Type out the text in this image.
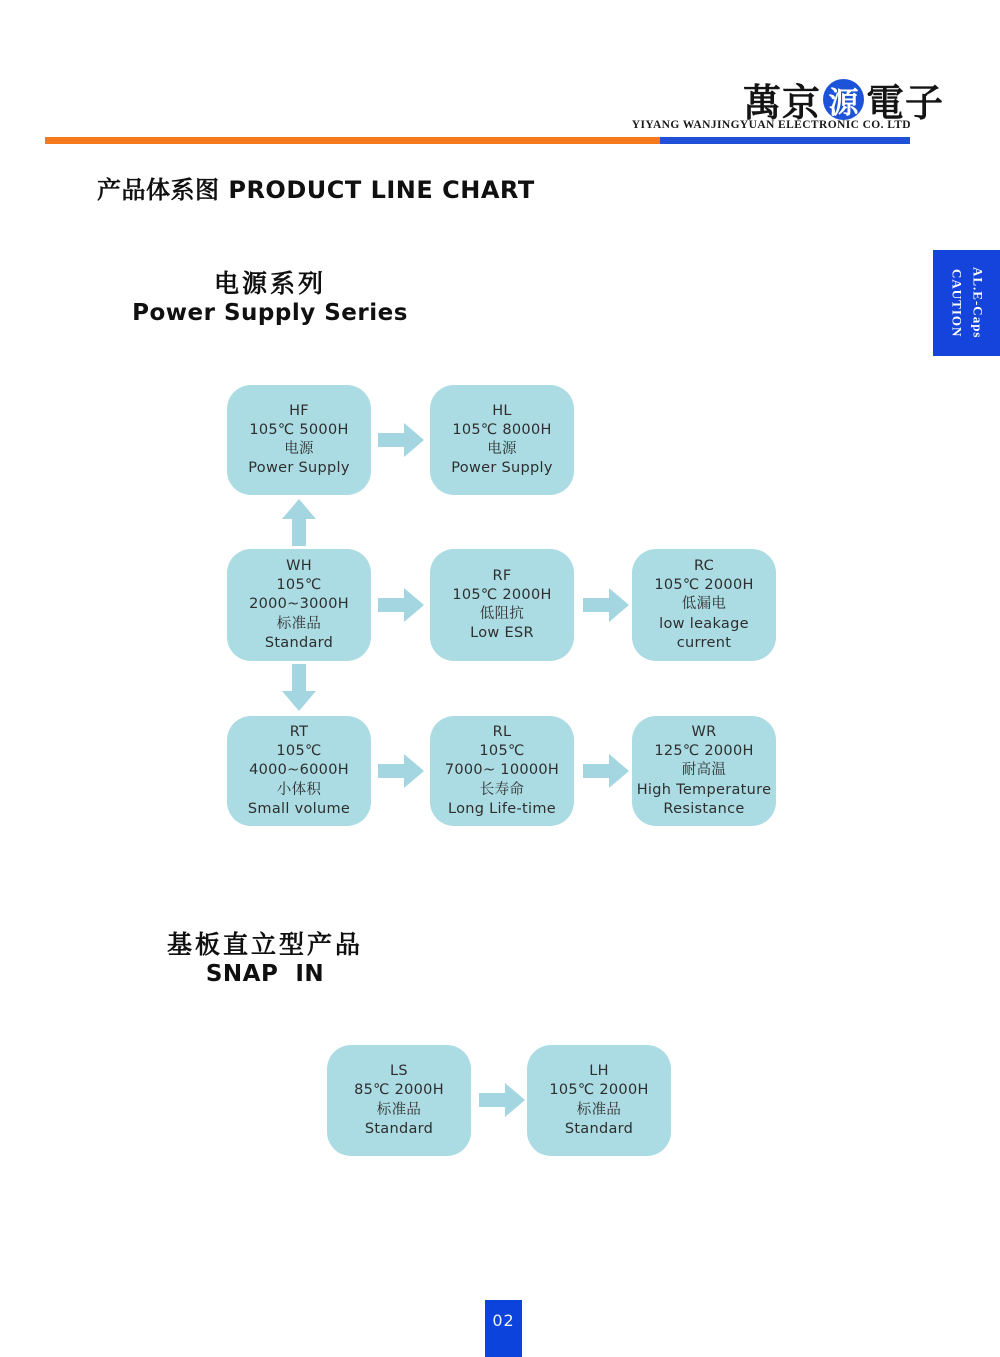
萬京 源 電子
YIYANG WANJINGYUAN ELECTRONIC CO. LTD
产品体系图 PRODUCT LINE CHART
CAUTION AL.E-Caps
电源系列
Power Supply Series
HF
105℃ 5000H
电源
Power Supply
HL
105℃ 8000H
电源
Power Supply
WH
105℃
2000~3000H
标准品
Standard
RF
105℃ 2000H
低阻抗
Low ESR
RC
105℃ 2000H
低漏电
low leakage
current
RT
105℃
4000~6000H
小体积
Small volume
RL
105℃
7000~ 10000H
长寿命
Long Life-time
WR
125℃ 2000H
耐高温
High Temperature
Resistance
基板直立型产品
SNAP  IN
LS
85℃ 2000H
标准品
Standard
LH
105℃ 2000H
标准品
Standard
02
